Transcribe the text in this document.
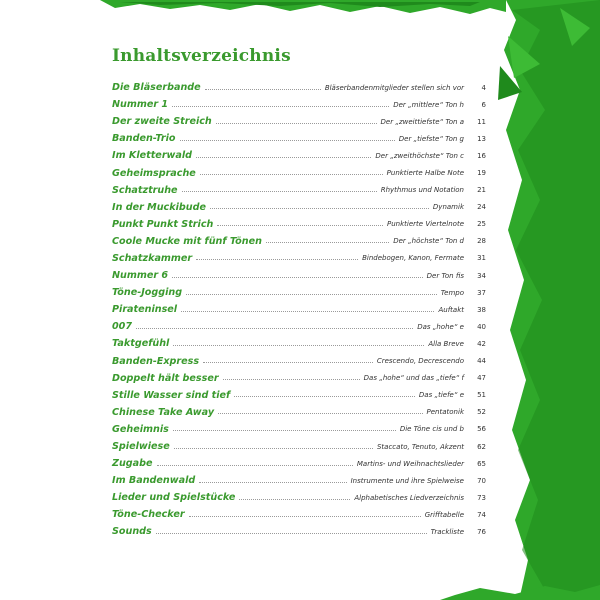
Inhaltsverzeichnis
Die Bläserbande	Bläserbandenmitglieder stellen sich vor	4
Nummer 1	Der „mittlere“ Ton h	6
Der zweite Streich	Der „zweittiefste“ Ton a	11
Banden-Trio	Der „tiefste“ Ton g	13
Im Kletterwald	Der „zweithöchste“ Ton c	16
Geheimsprache	Punktierte Halbe Note	19
Schatztruhe	Rhythmus und Notation	21
In der Muckibude	Dynamik	24
Punkt Punkt Strich	Punktierte Viertelnote	25
Coole Mucke mit fünf Tönen	Der „höchste“ Ton d	28
Schatzkammer	Bindebogen, Kanon, Fermate	31
Nummer 6	Der Ton fis	34
Töne-Jogging	Tempo	37
Pirateninsel	Auftakt	38
007	Das „hohe“ e	40
Taktgefühl	Alla Breve	42
Banden-Express	Crescendo, Decrescendo	44
Doppelt hält besser	Das „hohe“ und das „tiefe“ f	47
Stille Wasser sind tief	Das „tiefe“ e	51
Chinese Take Away	Pentatonik	52
Geheimnis	Die Töne cis und b	56
Spielwiese	Staccato, Tenuto, Akzent	62
Zugabe	Martins- und Weihnachtslieder	65
Im Bandenwald	Instrumente und ihre Spielweise	70
Lieder und Spielstücke	Alphabetisches Liedverzeichnis	73
Töne-Checker	Grifftabelle	74
Sounds	Trackliste	76
